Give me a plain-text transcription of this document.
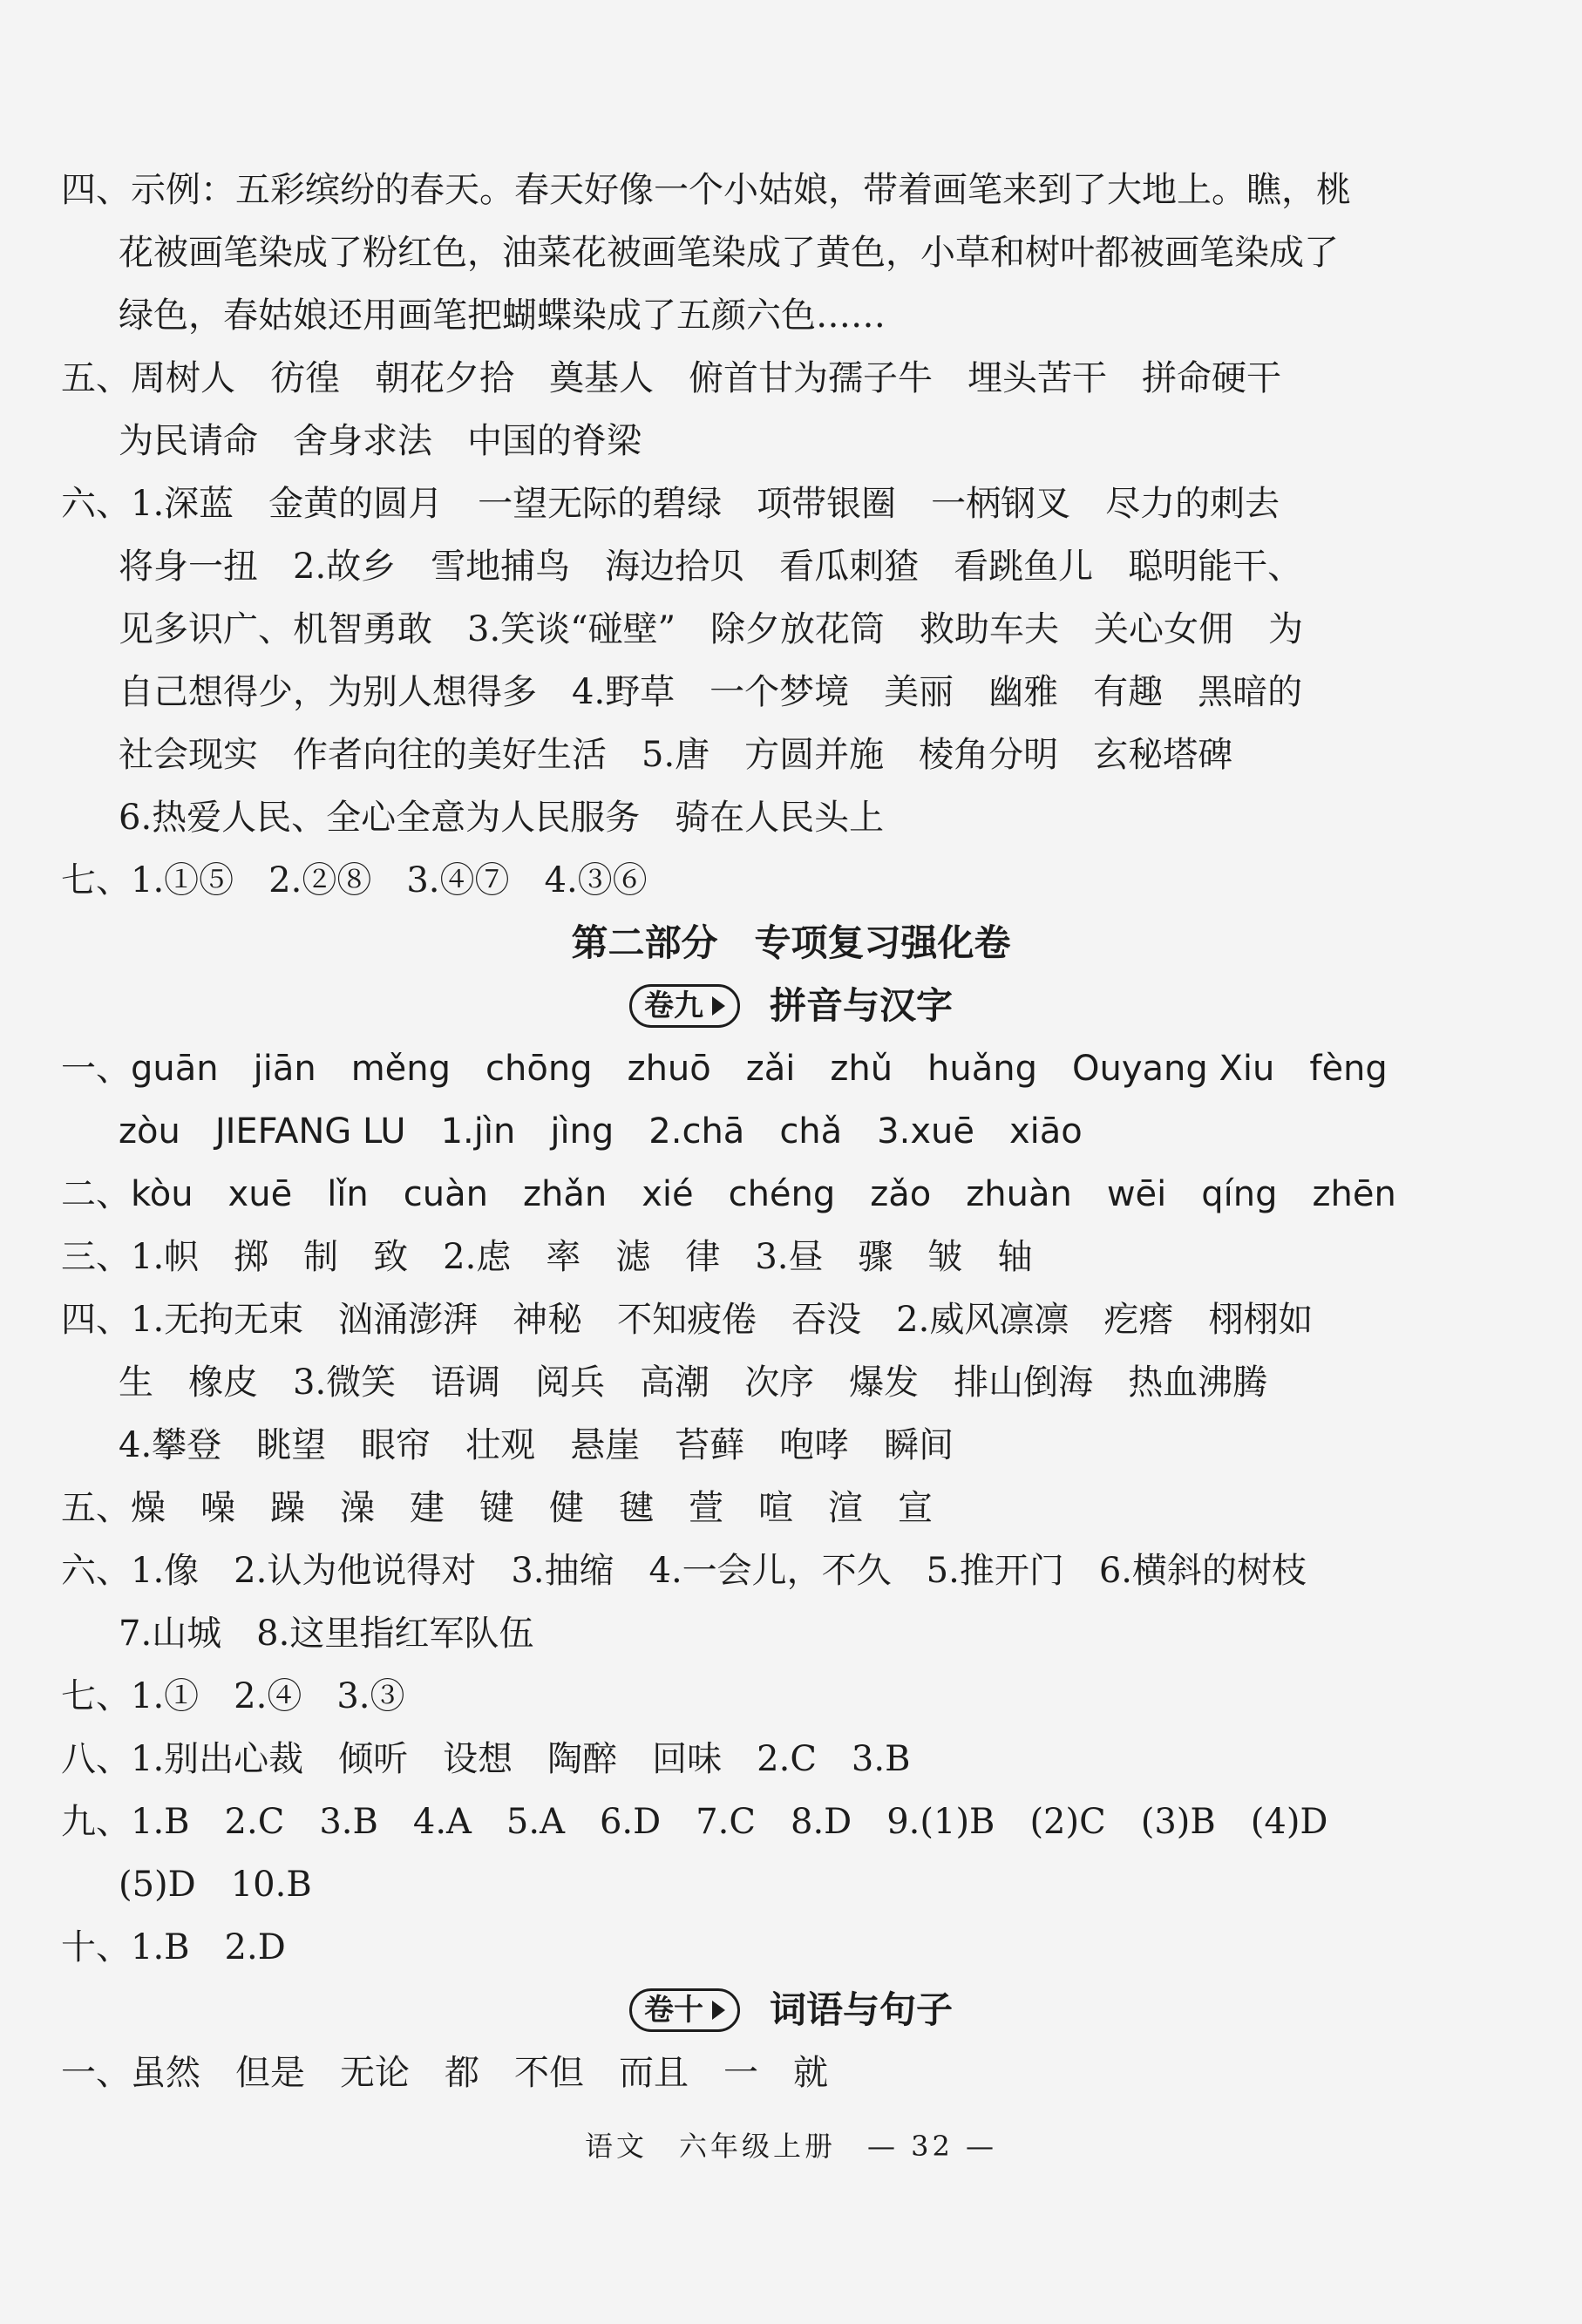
四、示例：五彩缤纷的春天。春天好像一个小姑娘，带着画笔来到了大地上。瞧，桃
花被画笔染成了粉红色，油菜花被画笔染成了黄色，小草和树叶都被画笔染成了
绿色，春姑娘还用画笔把蝴蝶染成了五颜六色……
五、周树人　彷徨　朝花夕拾　奠基人　俯首甘为孺子牛　埋头苦干　拼命硬干
为民请命　舍身求法　中国的脊梁
六、1.深蓝　金黄的圆月　一望无际的碧绿　项带银圈　一柄钢叉　尽力的刺去
将身一扭　2.故乡　雪地捕鸟　海边拾贝　看瓜刺猹　看跳鱼儿　聪明能干、
见多识广、机智勇敢　3.笑谈“碰壁”　除夕放花筒　救助车夫　关心女佣　为
自己想得少，为别人想得多　4.野草　一个梦境　美丽　幽雅　有趣　黑暗的
社会现实　作者向往的美好生活　5.唐　方圆并施　棱角分明　玄秘塔碑
6.热爱人民、全心全意为人民服务　骑在人民头上
七、1.①⑤　2.②⑧　3.④⑦　4.③⑥
第二部分　专项复习强化卷
卷九 拼音与汉字
一、guān　jiān　měng　chōng　zhuō　zǎi　zhǔ　huǎng　Ouyang Xiu　fèng
zòu　JIEFANG LU　1.jìn　jìng　2.chā　chǎ　3.xuē　xiāo
二、kòu　xuē　lǐn　cuàn　zhǎn　xié　chéng　zǎo　zhuàn　wēi　qíng　zhēn
三、1.帜　掷　制　致　2.虑　率　滤　律　3.昼　骤　皱　轴
四、1.无拘无束　汹涌澎湃　神秘　不知疲倦　吞没　2.威风凛凛　疙瘩　栩栩如
生　橡皮　3.微笑　语调　阅兵　高潮　次序　爆发　排山倒海　热血沸腾
4.攀登　眺望　眼帘　壮观　悬崖　苔藓　咆哮　瞬间
五、燥　噪　躁　澡　建　键　健　毽　萱　喧　渲　宣
六、1.像　2.认为他说得对　3.抽缩　4.一会儿，不久　5.推开门　6.横斜的树枝
7.山城　8.这里指红军队伍
七、1.①　2.④　3.③
八、1.别出心裁　倾听　设想　陶醉　回味　2.C　3.B
九、1.B　2.C　3.B　4.A　5.A　6.D　7.C　8.D　9.(1)B　(2)C　(3)B　(4)D
(5)D　10.B
十、1.B　2.D
卷十 词语与句子
一、虽然　但是　无论　都　不但　而且　一　就
语文　六年级上册　— 32 —
